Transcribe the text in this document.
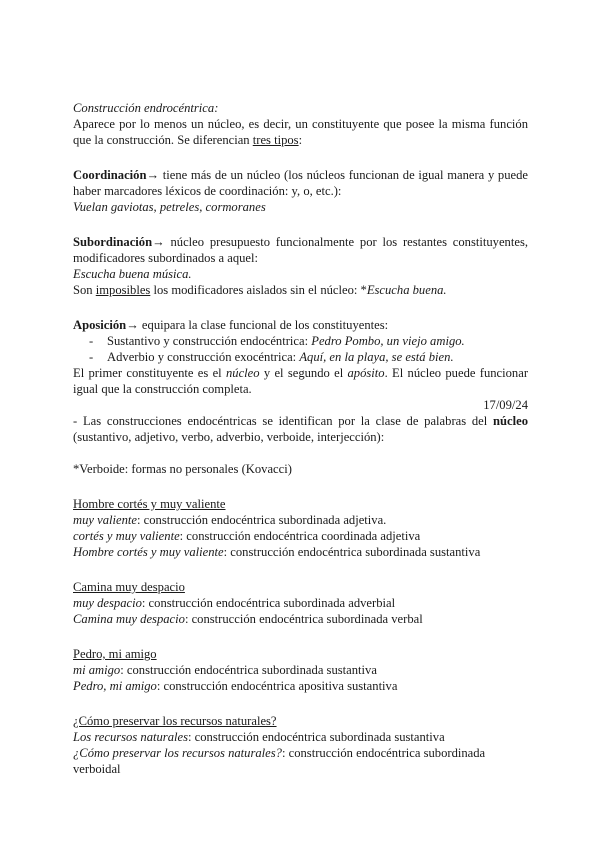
Construcción endrocéntrica:

Aparece por lo menos un núcleo, es decir, un constituyente que posee la misma función que la construcción. Se diferencian tres tipos:

Coordinación→ tiene más de un núcleo (los núcleos funcionan de igual manera y puede haber marcadores léxicos de coordinación: y, o, etc.):

Vuelan gaviotas, petreles, cormoranes

Subordinación→ núcleo presupuesto funcionalmente por los restantes constituyentes, modificadores subordinados a aquel:

Escucha buena música.

Son imposibles los modificadores aislados sin el núcleo: *Escucha buena.

Aposición→ equipara la clase funcional de los constituyentes:

- Sustantivo y construcción endocéntrica: Pedro Pombo, un viejo amigo.
- Adverbio y construcción exocéntrica: Aquí, en la playa, se está bien.

El primer constituyente es el núcleo y el segundo el apósito. El núcleo puede funcionar igual que la construcción completa.

17/09/24

- Las construcciones endocéntricas se identifican por la clase de palabras del núcleo (sustantivo, adjetivo, verbo, adverbio, verboide, interjección):

*Verboide: formas no personales (Kovacci)

Hombre cortés y muy valiente

muy valiente: construcción endocéntrica subordinada adjetiva.

cortés y muy valiente: construcción endocéntrica coordinada adjetiva

Hombre cortés y muy valiente: construcción endocéntrica subordinada sustantiva

Camina muy despacio

muy despacio: construcción endocéntrica subordinada adverbial

Camina muy despacio: construcción endocéntrica subordinada verbal

Pedro, mi amigo

mi amigo: construcción endocéntrica subordinada sustantiva

Pedro, mi amigo: construcción endocéntrica apositiva sustantiva

¿Cómo preservar los recursos naturales?

Los recursos naturales: construcción endocéntrica subordinada sustantiva

¿Cómo preservar los recursos naturales?: construcción endocéntrica subordinada verboidal
